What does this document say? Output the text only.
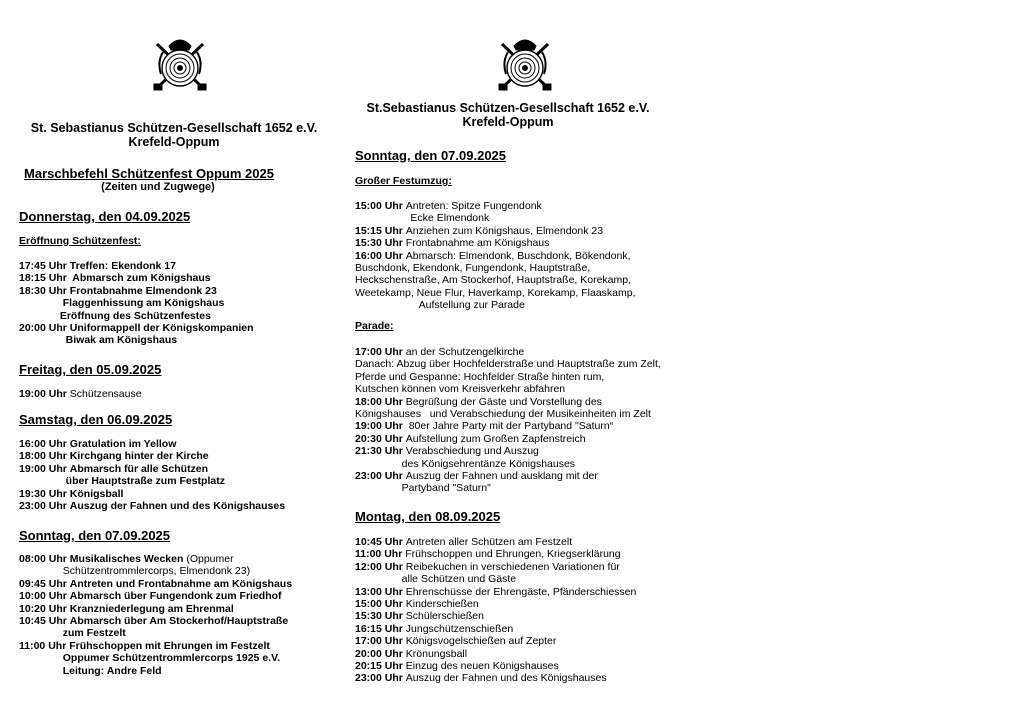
St. Sebastianus Schützen-Gesellschaft 1652 e.V.
Krefeld-Oppum
Marschbefehl Schützenfest Oppum 2025
(Zeiten und Zugwege)
Donnerstag, den 04.09.2025
Eröffnung Schützenfest:
17:45 Uhr Treffen: Ekendonk 17
18:15 Uhr Abmarsch zum Königshaus
18:30 Uhr Frontabnahme Elmendonk 23
Flaggenhissung am Königshaus
Eröffnung des Schützenfestes
20:00 Uhr Uniformappell der Königskompanien
Biwak am Königshaus
Freitag, den 05.09.2025
19:00 Uhr Schützensause
Samstag, den 06.09.2025
16:00 Uhr Gratulation im Yellow
18:00 Uhr Kirchgang hinter der Kirche
19:00 Uhr Abmarsch für alle Schützen
über Hauptstraße zum Festplatz
19:30 Uhr Königsball
23:00 Uhr Auszug der Fahnen und des Königshauses
Sonntag, den 07.09.2025
08:00 Uhr Musikalisches Wecken (Oppumer
Schützentrommlercorps, Elmendonk 23)
09:45 Uhr Antreten und Frontabnahme am Königshaus
10:00 Uhr Abmarsch über Fungendonk zum Friedhof
10:20 Uhr Kranzniederlegung am Ehrenmal
10:45 Uhr Abmarsch über Am Stockerhof/Hauptstraße
zum Festzelt
11:00 Uhr Frühschoppen mit Ehrungen im Festzelt
Oppumer Schützentrommlercorps 1925 e.V.
Leitung: Andre Feld
St.Sebastianus Schützen-Gesellschaft 1652 e.V.
Krefeld-Oppum
Sonntag, den 07.09.2025
Großer Festumzug:
15:00 Uhr Antreten: Spitze Fungendonk
Ecke Elmendonk
15:15 Uhr Anziehen zum Königshaus, Elmendonk 23
15:30 Uhr Frontabnahme am Königshaus
16:00 Uhr Abmarsch: Elmendonk, Buschdonk, Bökendonk,
Buschdonk, Ekendonk, Fungendonk, Hauptstraße,
Heckschenstraße, Am Stockerhof, Hauptstraße, Korekamp,
Weetekamp, Neue Flur, Haverkamp, Korekamp, Flaaskamp,
Aufstellung zur Parade
Parade:
17:00 Uhr an der Schutzengelkirche
Danach: Abzug über Hochfelderstraße und Hauptstraße zum Zelt,
Pferde und Gespanne: Hochfelder Straße hinten rum,
Kutschen können vom Kreisverkehr abfahren
18:00 Uhr Begrüßung der Gäste und Vorstellung des
Königshauses   und Verabschiedung der Musikeinheiten im Zelt
19:00 Uhr 80er Jahre Party mit der Partyband "Saturn“
20:30 Uhr Aufstellung zum Großen Zapfenstreich
21:30 Uhr Verabschiedung und Auszug
des Königsehrentänze Königshauses
23:00 Uhr Auszug der Fahnen und ausklang mit der
Partyband "Saturn"
Montag, den 08.09.2025
10:45 Uhr Antreten aller Schützen am Festzelt
11:00 Uhr Frühschoppen und Ehrungen, Kriegserklärung
12:00 Uhr Reibekuchen in verschiedenen Variationen für
alle Schützen und Gäste
13:00 Uhr Ehrenschüsse der Ehrengäste, Pfänderschiessen
15:00 Uhr Kinderschießen
15:30 Uhr Schülerschießen
16:15 Uhr Jungschützenschießen
17:00 Uhr Königsvogelschießen auf Zepter
20:00 Uhr Krönungsball
20:15 Uhr Einzug des neuen Königshauses
23:00 Uhr Auszug der Fahnen und des Königshauses
